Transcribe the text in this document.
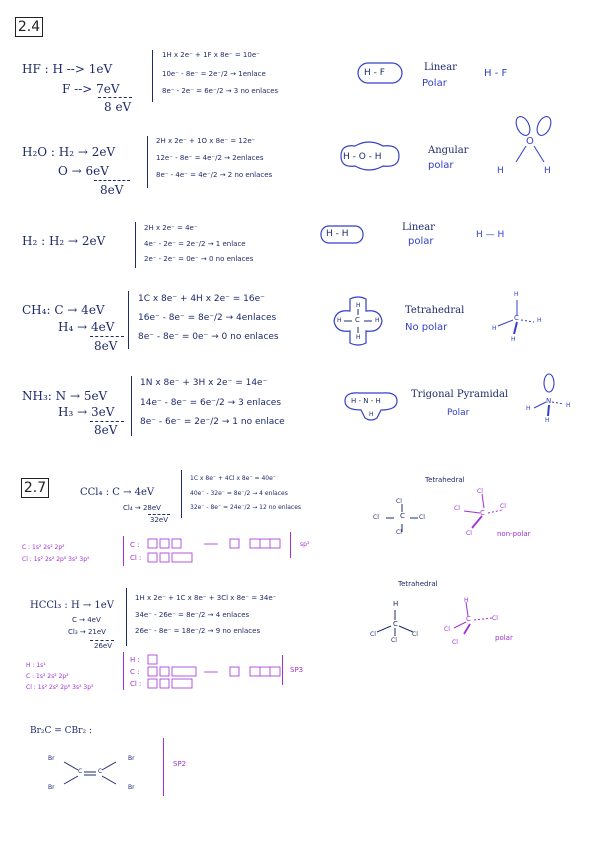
2.4
HF : H --> 1eV
F --> 7eV
8 eV
1H x 2e⁻ + 1F x 8e⁻ = 10e⁻
10e⁻ - 8e⁻ = 2e⁻/2 → 1enlace
8e⁻ - 2e⁻ = 6e⁻/2 → 3 no enlaces
H - F	Linear
Polar
H - F
H₂O : H₂ → 2eV
O → 6eV
8eV
2H x 2e⁻ + 1O x 8e⁻ = 12e⁻
12e⁻ - 8e⁻ = 4e⁻/2 → 2enlaces
8e⁻ - 4e⁻ = 4e⁻/2 → 2 no enlaces
H - O - H
Angular
polar
O
H	H
H₂ : H₂ → 2eV
2H x 2e⁻ = 4e⁻
4e⁻ - 2e⁻ = 2e⁻/2 → 1 enlace
2e⁻ - 2e⁻ = 0e⁻ → 0 no enlaces
H - H
Linear
polar
H — H
CH₄: C → 4eV
H₄ → 4eV
8eV
1C x 8e⁻ + 4H x 2e⁻ = 16e⁻
16e⁻ - 8e⁻ = 8e⁻/2 → 4enlaces
8e⁻ - 8e⁻ = 0e⁻ → 0 no enlaces
C
H
H
H	H
Tetrahedral
No polar
C
H
H
H
H
NH₃: N → 5eV
H₃ → 3eV
8eV
1N x 8e⁻ + 3H x 2e⁻ = 14e⁻
14e⁻ - 8e⁻ = 6e⁻/2 → 3 enlaces
8e⁻ - 6e⁻ = 2e⁻/2 → 1 no enlace
H - N - H
H
Trigonal Pyramidal
Polar
N
H	H
H
2.7	CCl₄ : C → 4eV
Cl₄ → 28eV
32eV
1C x 8e⁻ + 4Cl x 8e⁻ = 40e⁻
40e⁻ - 32e⁻ = 8e⁻/2 → 4 enlaces
32e⁻ - 8e⁻ = 24e⁻/2 → 12 no enlaces
C : 1s² 2s² 2p²
Cl : 1s² 2s² 2p⁶ 3s² 3p⁵
C :
Cl :
sp³
C
Cl
Cl
Cl	Cl
Tetrahedral
C
Cl
Cl	Cl
Cl	non-polar
HCCl₃ : H → 1eV
C → 4eV
Cl₃ → 21eV
26eV
1H x 2e⁻ + 1C x 8e⁻ + 3Cl x 8e⁻ = 34e⁻
34e⁻ - 26e⁻ = 8e⁻/2 → 4 enlaces
26e⁻ - 8e⁻ = 18e⁻/2 → 9 no enlaces
H : 1s¹
C : 1s² 2s² 2p²
Cl : 1s² 2s² 2p⁶ 3s² 3p⁵
H :
C :
Cl :
SP3
H
C
Cl
Cl
Cl
Tetrahedral
H
C
Cl
Cl
Cl
polar
Br₂C = CBr₂ :
C	C
Br
Br
Br
Br
SP2
